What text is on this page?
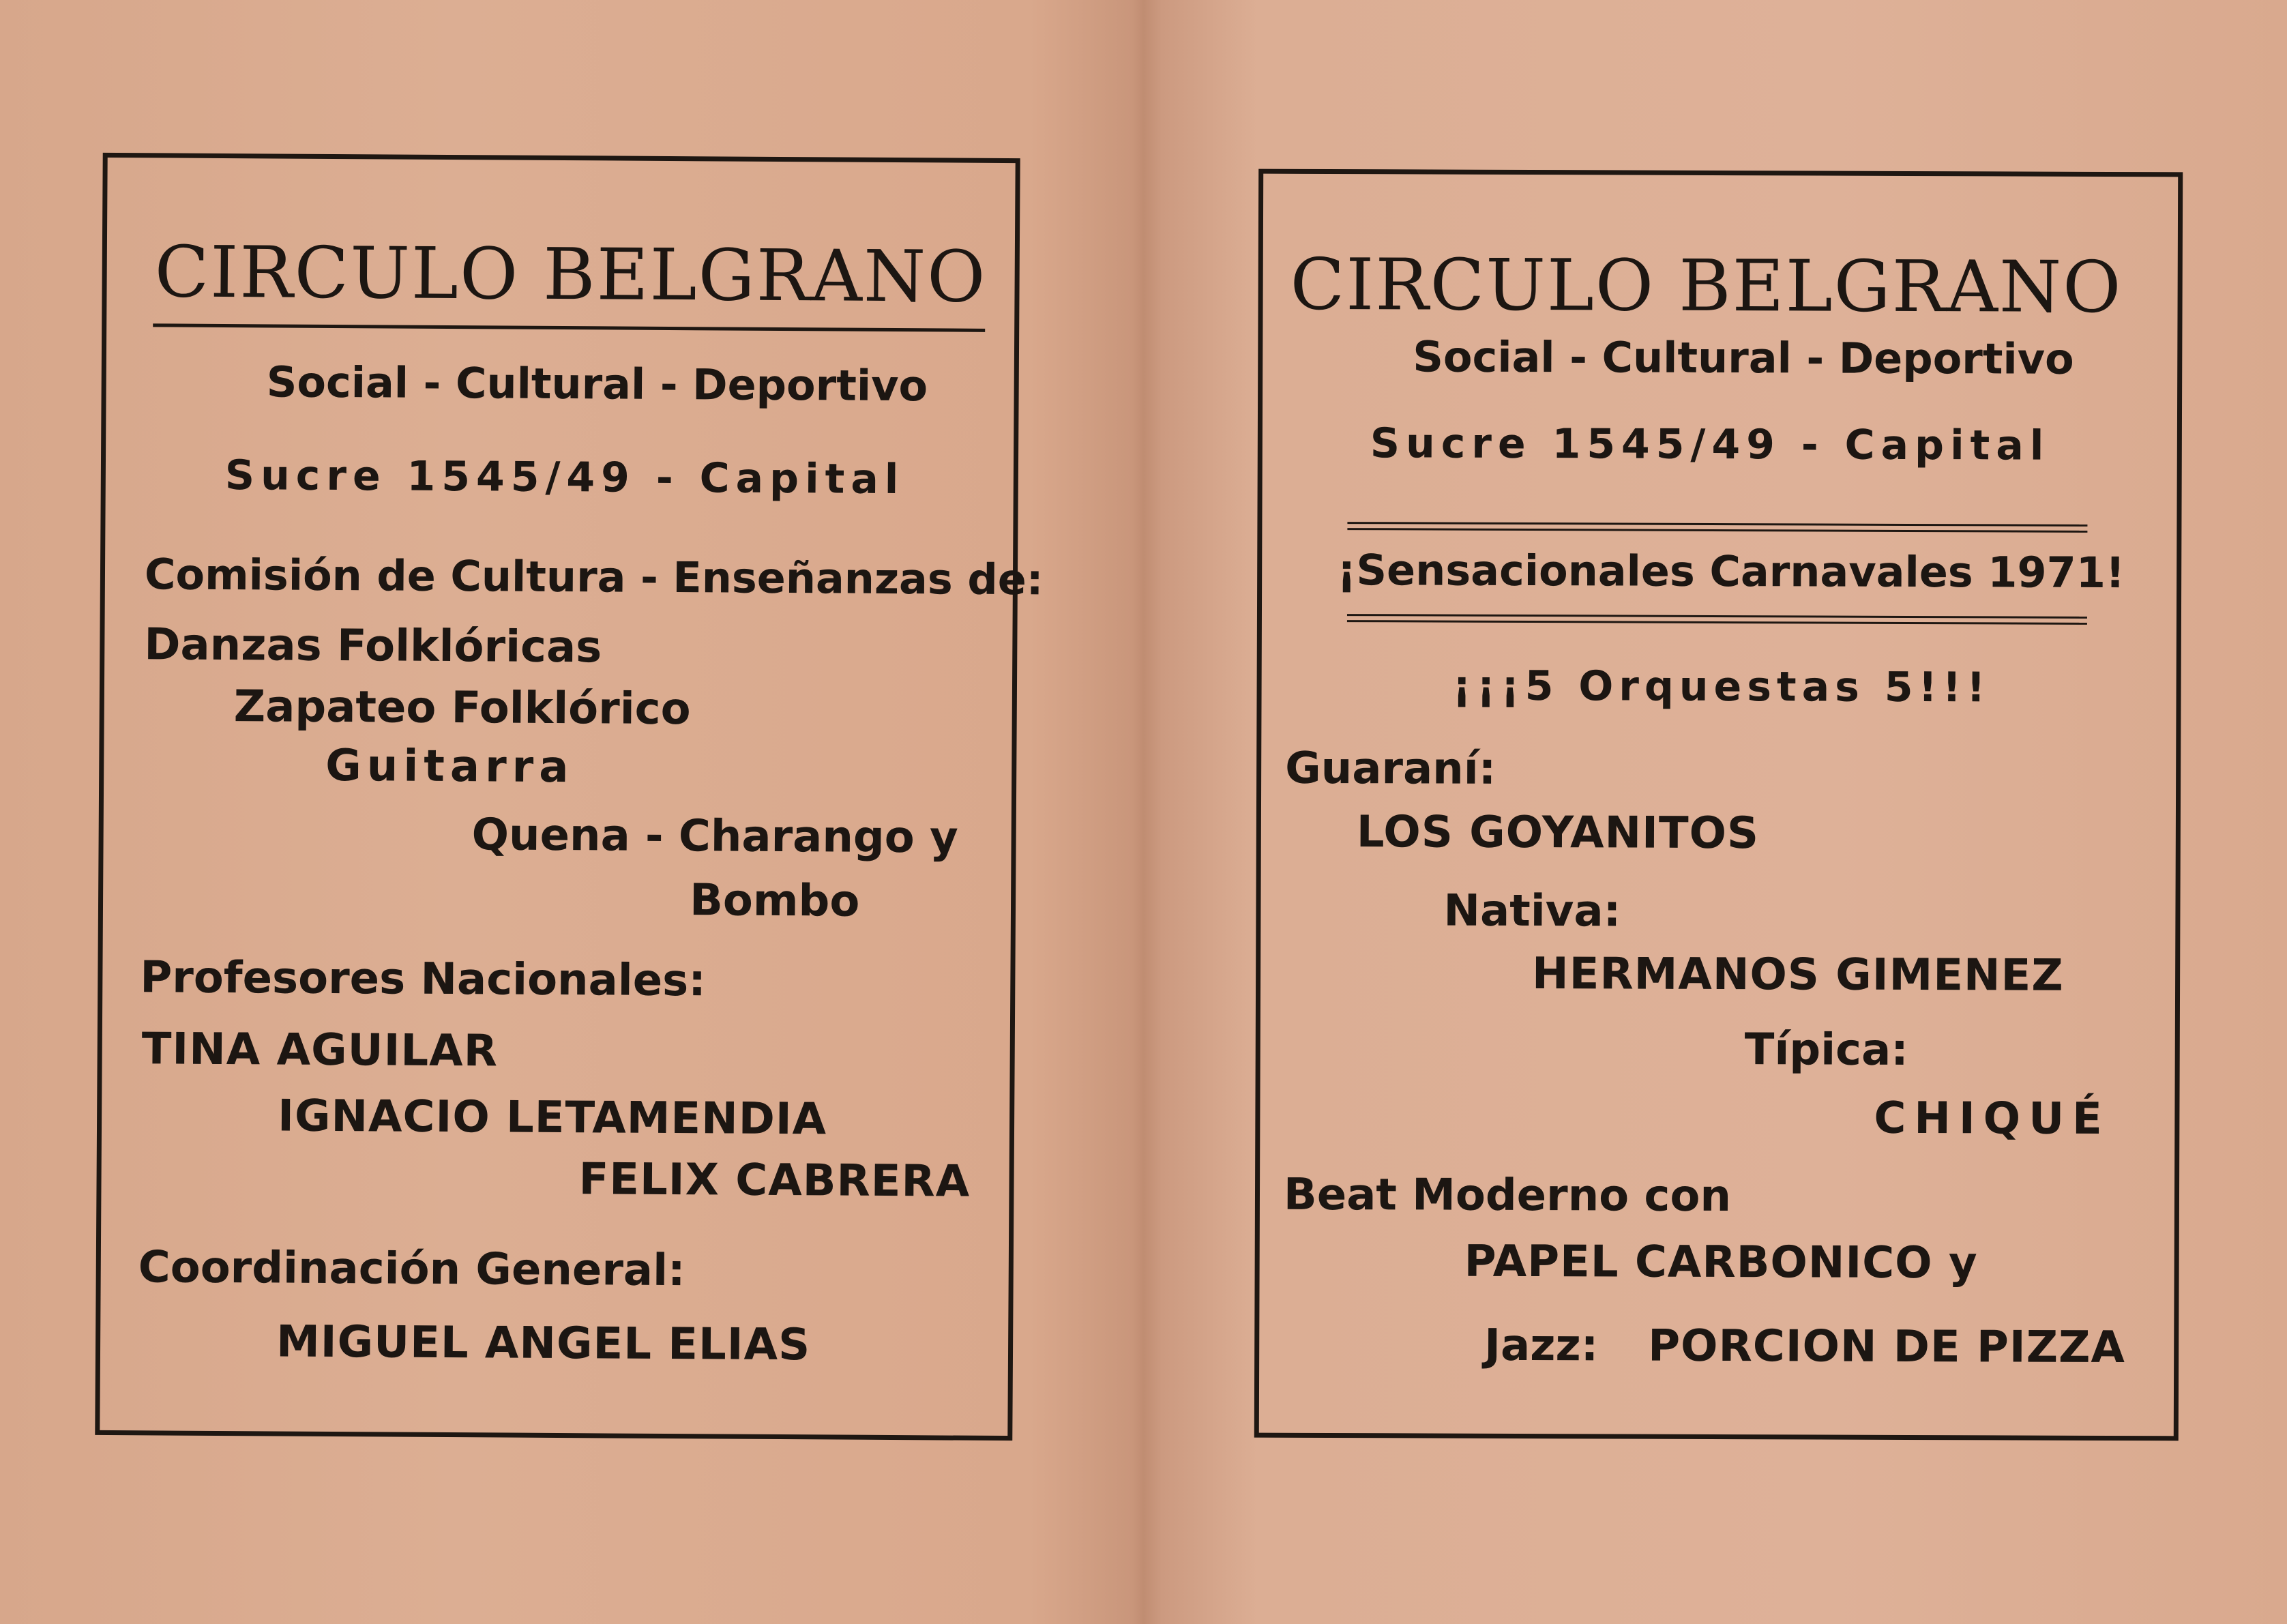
CIRCULO BELGRANO
Social - Cultural - Deportivo
Sucre 1545/49 - Capital
Comisión de Cultura - Enseñanzas de:
Danzas Folklóricas
Zapateo Folklórico
Guitarra
Quena - Charango y
Bombo
Profesores Nacionales:
TINA AGUILAR
IGNACIO LETAMENDIA
FELIX CABRERA
Coordinación General:
MIGUEL ANGEL ELIAS
CIRCULO BELGRANO
Social - Cultural - Deportivo
Sucre 1545/49 - Capital
¡Sensacionales Carnavales 1971!
¡¡¡5 Orquestas 5!!!
Guaraní:
LOS GOYANITOS
Nativa:
HERMANOS GIMENEZ
Típica:
CHIQUÉ
Beat Moderno con
PAPEL CARBONICO y
Jazz: PORCION DE PIZZA
